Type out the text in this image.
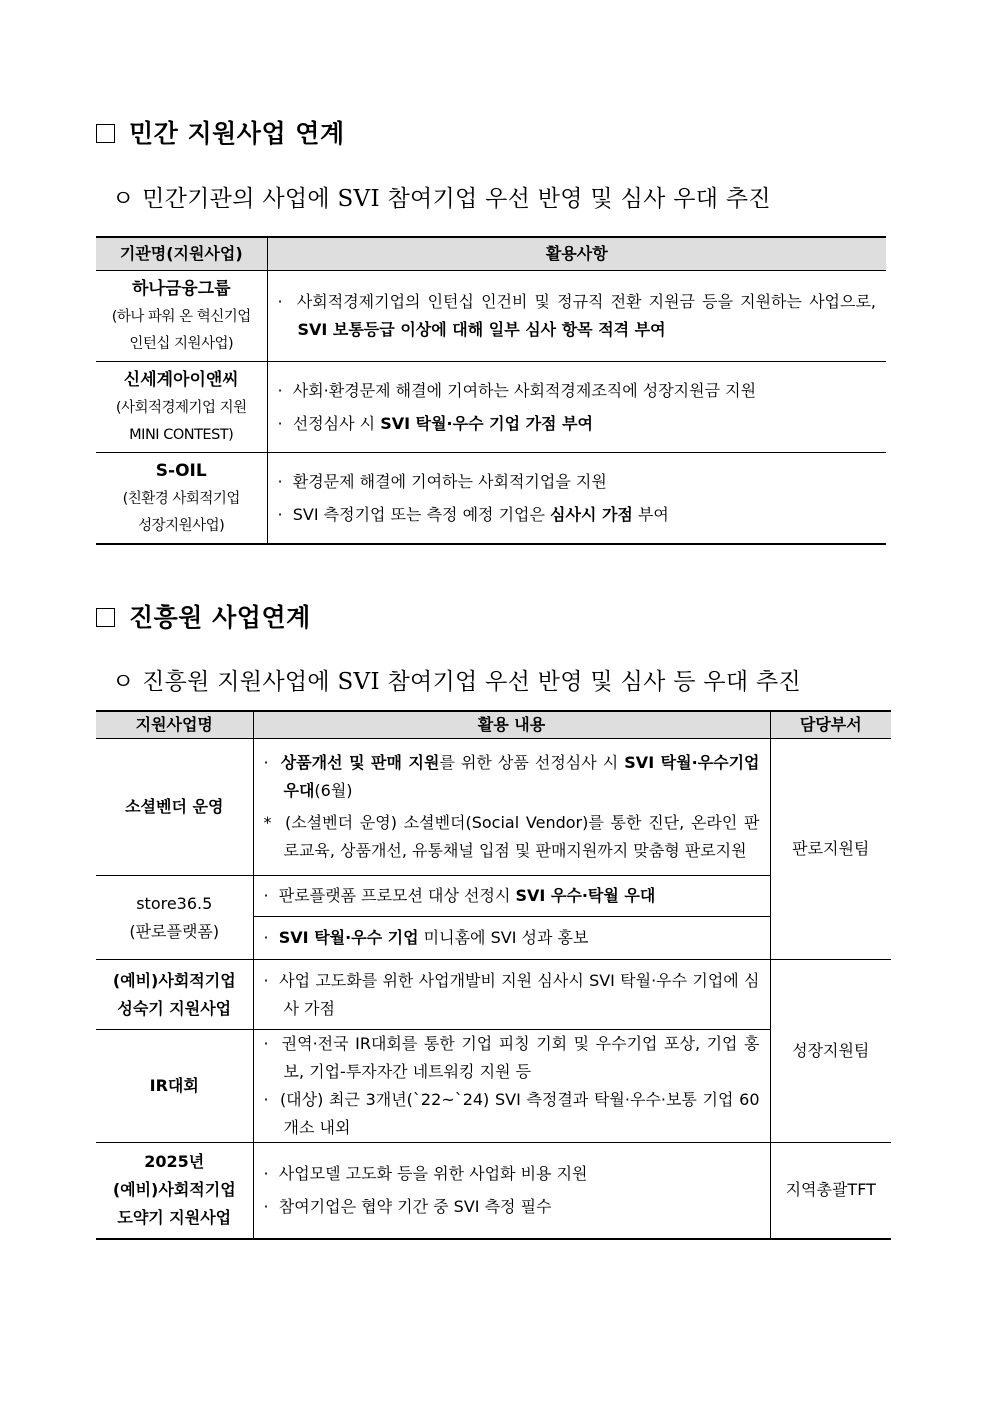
민간 지원사업 연계
ㅇ 민간기관의 사업에 SVI 참여기업 우선 반영 및 심사 우대 추진
기관명(지원사업)	활용사항

하나금융그룹
(하나 파워 온 혁신기업
인턴십 지원사업)	·  사회적경제기업의 인턴십 인건비 및 정규직 전환 지원금 등을 지원하는 사업으로, SVI 보통등급 이상에 대해 일부 심사 항목 적격 부여

신세계아이앤씨
(사회적경제기업 지원
MINI CONTEST)	·  사회·환경문제 해결에 기여하는 사회적경제조직에 성장지원금 지원
·  선정심사 시 SVI 탁월·우수 기업 가점 부여

S-OIL
(친환경 사회적기업
성장지원사업)	·  환경문제 해결에 기여하는 사회적기업을 지원
·  SVI 측정기업 또는 측정 예정 기업은 심사시 가점 부여
진흥원 사업연계
ㅇ 진흥원 지원사업에 SVI 참여기업 우선 반영 및 심사 등 우대 추진
지원사업명	활용 내용	담당부서
소셜벤더 운영	·  상품개선 및 판매 지원를 위한 상품 선정심사 시 SVI 탁월·우수기업 우대(6월)
*  (소셜벤더 운영) 소셜벤더(Social Vendor)를 통한 진단, 온라인 판로교육, 상품개선, 유통채널 입점 및 판매지원까지 맞춤형 판로지원	판로지원팀

store36.5
(판로플랫폼)	·  판로플랫폼 프로모션 대상 선정시 SVI 우수·탁월 우대	

	·  SVI 탁월·우수 기업 미니홈에 SVI 성과 홍보	

(예비)사회적기업
성숙기 지원사업	·  사업 고도화를 위한 사업개발비 지원 심사시 SVI 탁월·우수 기업에 심사 가점	성장지원팀
IR대회	·  권역·전국 IR대회를 통한 기업 피칭 기회 및 우수기업 포상, 기업 홍보, 기업-투자자간 네트워킹 지원 등
·  (대상) 최근 3개년(`22~`24) SVI 측정결과 탁월·우수·보통 기업 60개소 내외	

2025년
(예비)사회적기업
도약기 지원사업	·  사업모델 고도화 등을 위한 사업화 비용 지원
·  참여기업은 협약 기간 중 SVI 측정 필수	지역총괄TFT
